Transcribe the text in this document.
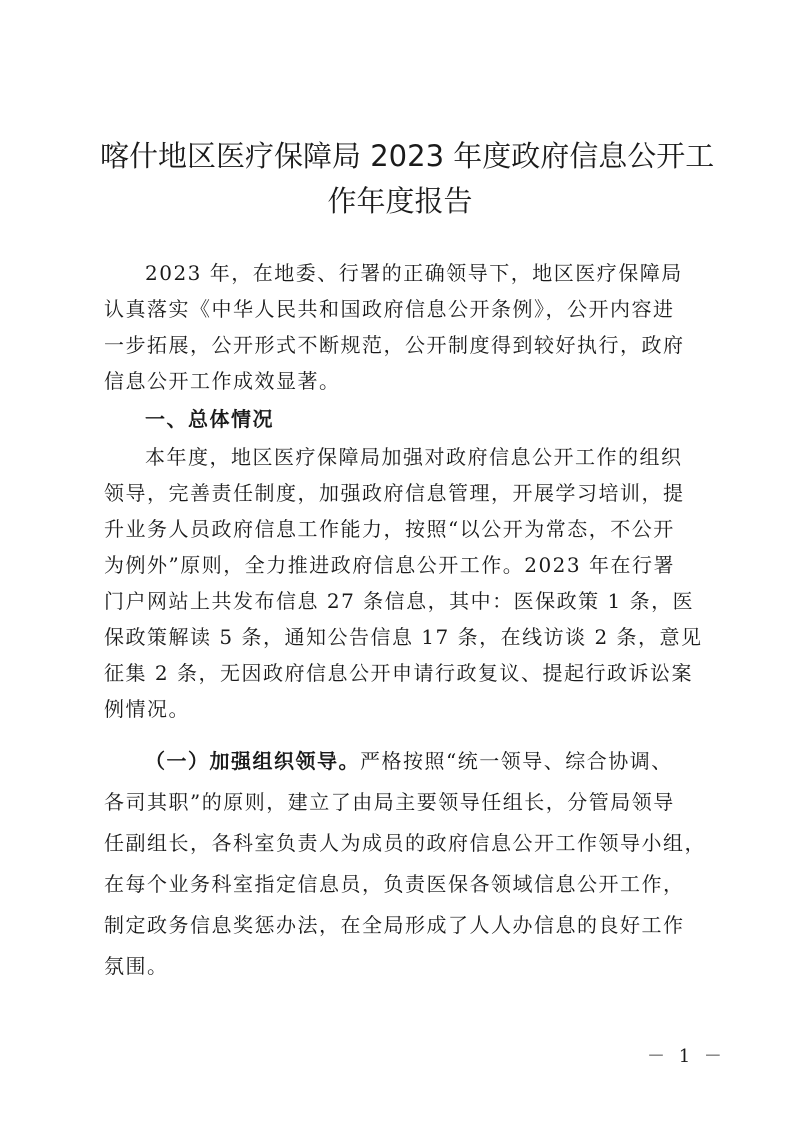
喀什地区医疗保障局 2023 年度政府信息公开工
作年度报告
2023 年，在地委、行署的正确领导下，地区医疗保障局
认真落实《中华人民共和国政府信息公开条例》，公开内容进
一步拓展，公开形式不断规范，公开制度得到较好执行，政府
信息公开工作成效显著。
一、总体情况
本年度，地区医疗保障局加强对政府信息公开工作的组织
领导，完善责任制度，加强政府信息管理，开展学习培训，提
升业务人员政府信息工作能力，按照“以公开为常态，不公开
为例外”原则，全力推进政府信息公开工作。2023 年在行署
门户网站上共发布信息 27 条信息，其中：医保政策 1 条，医
保政策解读 5 条，通知公告信息 17 条，在线访谈 2 条，意见
征集 2 条，无因政府信息公开申请行政复议、提起行政诉讼案
例情况。
（一）加强组织领导。严格按照“统一领导、综合协调、
各司其职”的原则，建立了由局主要领导任组长，分管局领导
任副组长，各科室负责人为成员的政府信息公开工作领导小组，
在每个业务科室指定信息员，负责医保各领域信息公开工作，
制定政务信息奖惩办法，在全局形成了人人办信息的良好工作
氛围。
－ 1 －
